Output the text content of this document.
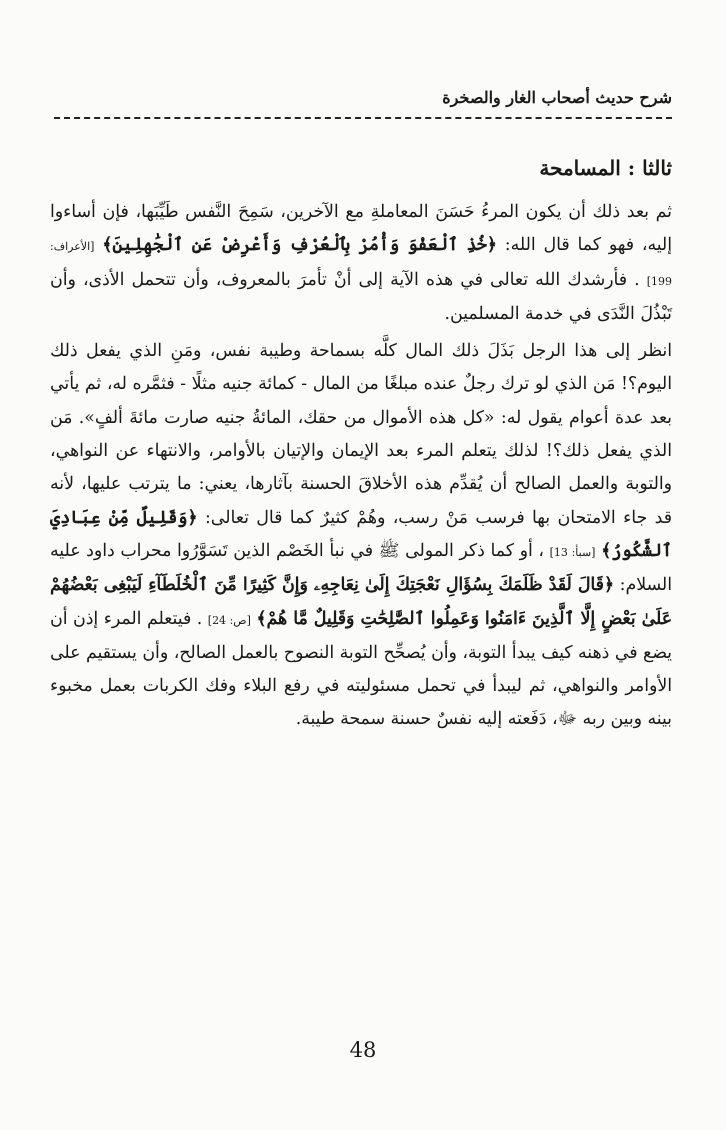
شرح حديث أصحاب الغار والصخرة
ثالثا : المسامحة

ثم بعد ذلك أن يكون المرءُ حَسَنَ المعاملةِ مع الآخرين، سَمِحَ النَّفس طَيِّبَها، فإن أساءوا إليه، فهو كما قال الله: ﴿خُذِ ٱلْعَفْوَ وَأْمُرْ بِٱلْعُرْفِ وَأَعْرِضْ عَنِ ٱلْجَٰهِلِينَ﴾ [الأعراف: 199] . فأرشدك الله تعالى في هذه الآية إلى أنْ تأمرَ بالمعروف، وأن تتحمل الأذى، وأن تَبْذُلَ النَّدَى في خدمة المسلمين.

انظر إلى هذا الرجل بَذَلَ ذلك المال كلَّه بسماحة وطيبة نفس، ومَنِ الذي يفعل ذلك اليوم؟! مَن الذي لو ترك رجلٌ عنده مبلغًا من المال - كمائة جنيه مثلًا - فثمَّره له، ثم يأتي بعد عدة أعوام يقول له: «كل هذه الأموال من حقك، المائةُ جنيه صارت مائةَ ألفٍ». مَن الذي يفعل ذلك؟! لذلك يتعلم المرء بعد الإيمان والإتيان بالأوامر، والانتهاء عن النواهي، والتوبة والعمل الصالح أن يُقدِّم هذه الأخلاقَ الحسنة بآثارها، يعني: ما يترتب عليها، لأنه قد جاء الامتحان بها فرسب مَنْ رسب، وهُمْ كثيرٌ كما قال تعالى: ﴿وَقَلِيلٌ مِّنْ عِبَادِيَ ٱلشَّكُورُ﴾ [سبأ: 13] ، أو كما ذكر المولى ﷺ في نبأ الخَصْم الذين تَسَوَّرُوا محراب داود عليه السلام: ﴿قَالَ لَقَدْ ظَلَمَكَ بِسُؤَالِ نَعْجَتِكَ إِلَىٰ نِعَاجِهِۦ وَإِنَّ كَثِيرًا مِّنَ ٱلْخُلَطَآءِ لَيَبْغِى بَعْضُهُمْ عَلَىٰ بَعْضٍ إِلَّا ٱلَّذِينَ ءَامَنُوا وَعَمِلُوا ٱلصَّٰلِحَٰتِ وَقَلِيلٌ مَّا هُمْ﴾ [ص: 24] . فيتعلم المرء إذن أن يضع في ذهنه كيف يبدأ التوبة، وأن يُصحِّح التوبة النصوح بالعمل الصالح، وأن يستقيم على الأوامر والنواهي، ثم ليبدأ في تحمل مسئوليته في رفع البلاء وفك الكربات بعمل مخبوء بينه وبين ربه ﷻ، دَفَعته إليه نفسٌ حسنة سمحة طيبة.

48
